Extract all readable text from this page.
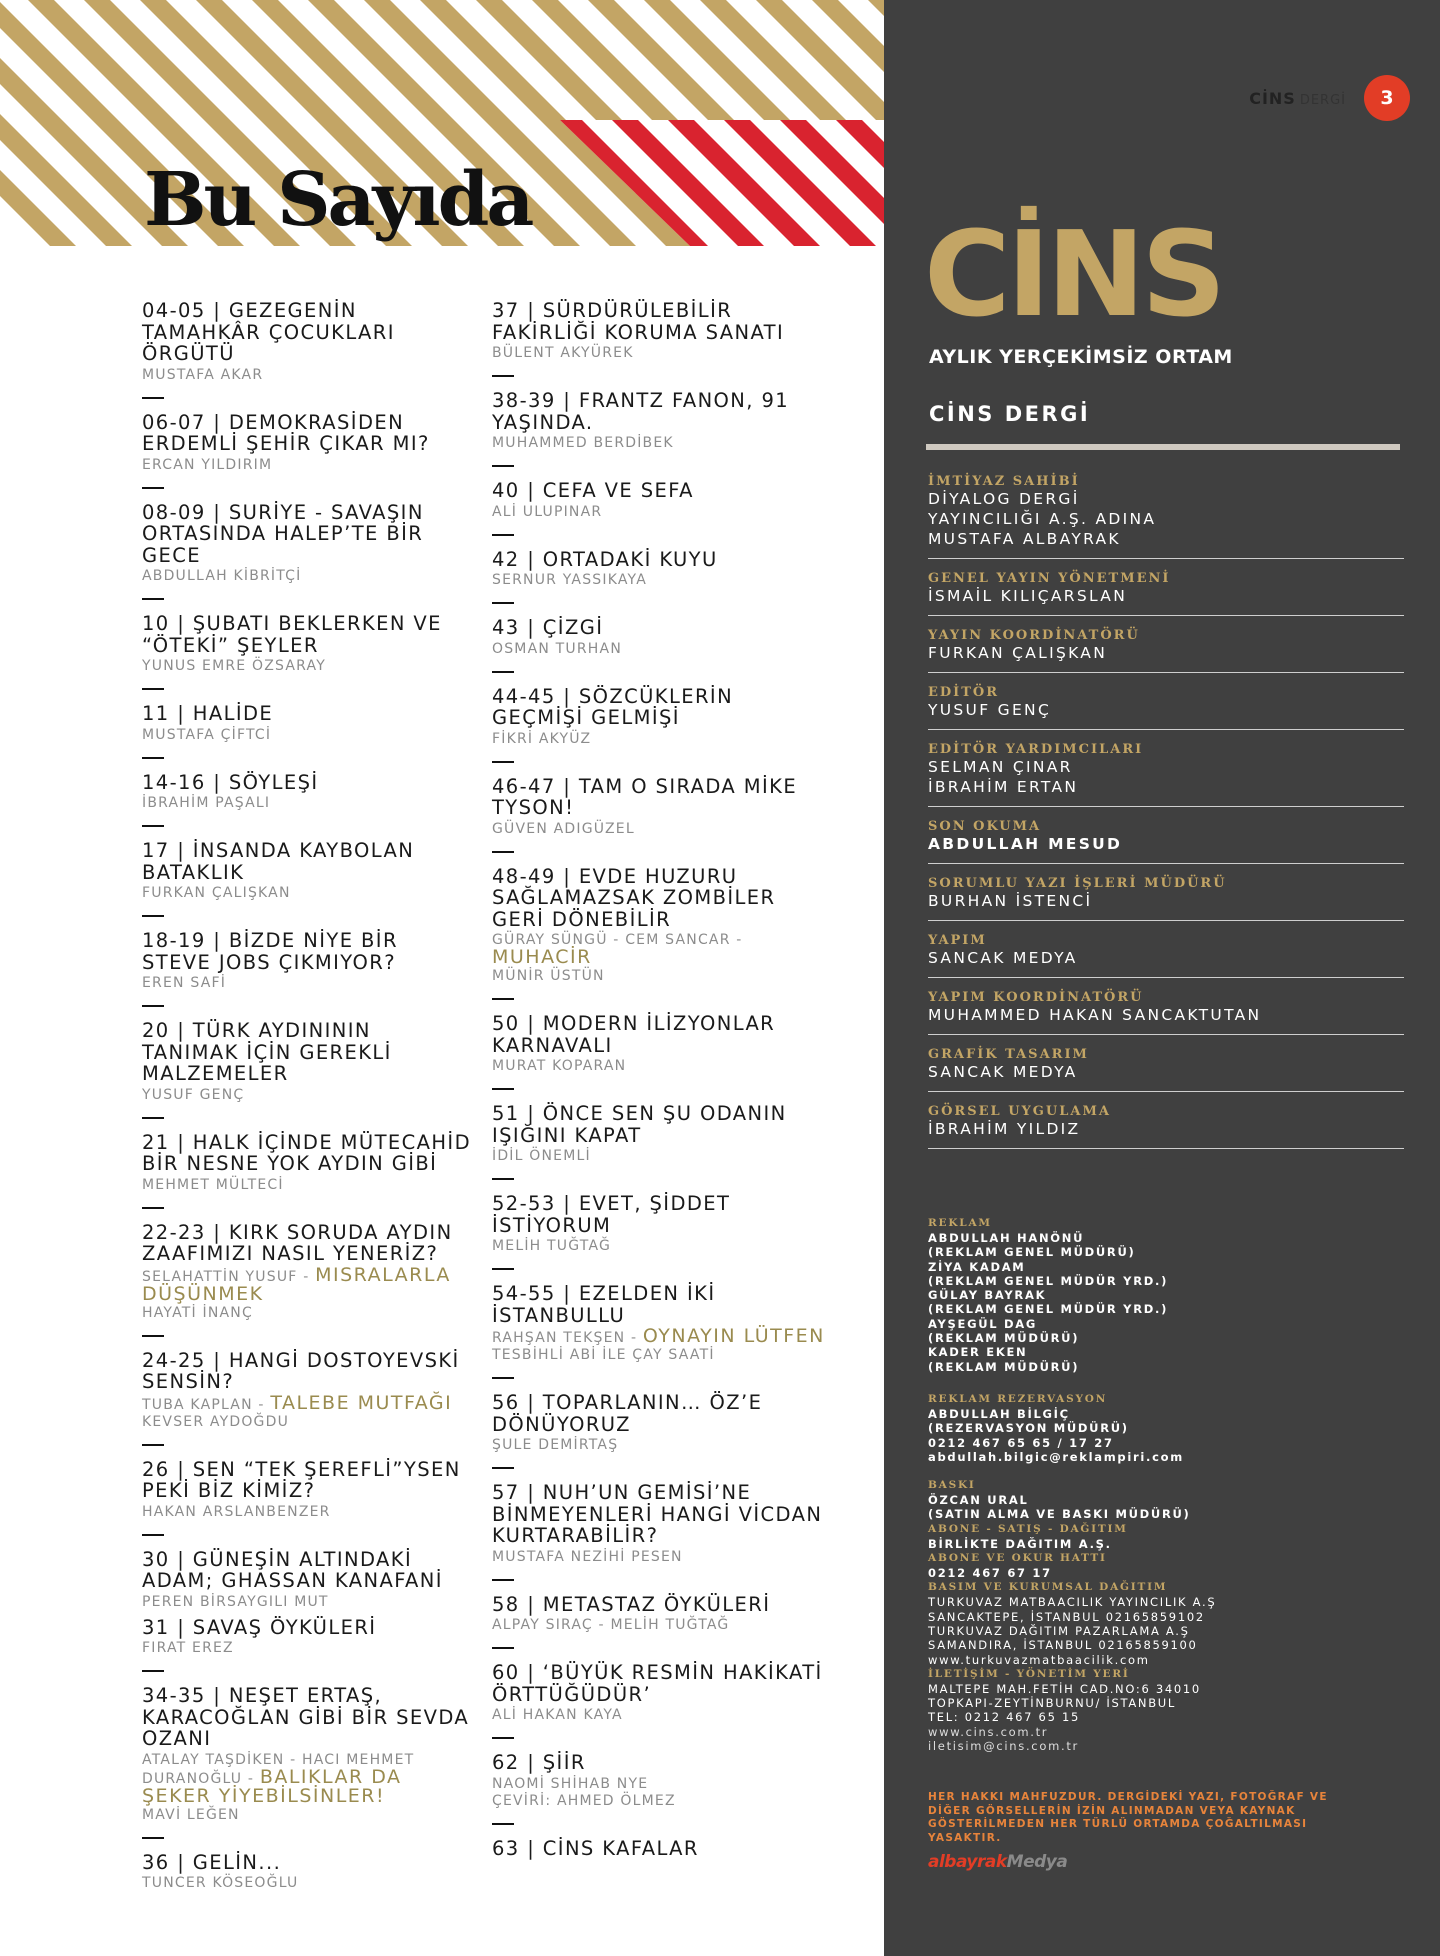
Bu Sayıda
04-05 | GEZEGENİN TAMAHKÂR ÇOCUKLARI ÖRGÜTÜ
MUSTAFA AKAR
06-07 | DEMOKRASİDEN ERDEMLİ ŞEHİR ÇIKAR MI?
ERCAN YILDIRIM
08-09 | SURİYE - SAVAŞIN ORTASINDA HALEP’TE BİR GECE
ABDULLAH KİBRİTÇİ
10 | ŞUBATI BEKLERKEN VE “ÖTEKİ” ŞEYLER
YUNUS EMRE ÖZSARAY
11 | HALİDE
MUSTAFA ÇİFTCİ
14-16 | SÖYLEŞİ
İBRAHİM PAŞALI
17 | İNSANDA KAYBOLAN BATAKLIK
FURKAN ÇALIŞKAN
18-19 | BİZDE NİYE BİR STEVE JOBS ÇIKMIYOR?
EREN SAFİ
20 | TÜRK AYDINININ TANIMAK İÇİN GEREKLİ MALZEMELER
YUSUF GENÇ
21 | HALK İÇİNDE MÜTECAHİD BİR NESNE YOK AYDIN GİBİ
MEHMET MÜLTECİ
22-23 | KIRK SORUDA AYDIN ZAAFIMIZI NASIL YENERİZ?
SELAHATTİN YUSUF - MISRALARLA DÜŞÜNMEK
HAYATİ İNANÇ
24-25 | HANGİ DOSTOYEVSKİ SENSİN?
TUBA KAPLAN - TALEBE MUTFAĞI
KEVSER AYDOĞDU
26 | SEN “TEK ŞEREFLİ”YSEN PEKİ BİZ KİMİZ?
HAKAN ARSLANBENZER
30 | GÜNEŞİN ALTINDAKİ ADAM; GHASSAN KANAFANİ
PEREN BİRSAYGILI MUT
31 | SAVAŞ ÖYKÜLERİ
FIRAT EREZ
34-35 | NEŞET ERTAŞ, KARACOĞLAN GİBİ BİR SEVDA OZANI
ATALAY TAŞDİKEN - HACI MEHMET DURANOĞLU - BALIKLAR DA ŞEKER YİYEBİLSİNLER!
MAVİ LEĞEN
36 | GELİN...
TUNCER KÖSEOĞLU
37 | SÜRDÜRÜLEBİLİR FAKİRLİĞİ KORUMA SANATI
BÜLENT AKYÜREK
38-39 | FRANTZ FANON, 91 YAŞINDA.
MUHAMMED BERDİBEK
40 | CEFA VE SEFA
ALİ ULUPINAR
42 | ORTADAKİ KUYU
SERNUR YASSIKAYA
43 | ÇİZGİ
OSMAN TURHAN
44-45 | SÖZCÜKLERİN GEÇMİŞİ GELMİŞİ
FİKRİ AKYÜZ
46-47 | TAM O SIRADA MİKE TYSON!
GÜVEN ADIGÜZEL
48-49 | EVDE HUZURU SAĞLAMAZSAK ZOMBİLER GERİ DÖNEBİLİR
GÜRAY SÜNGÜ - CEM SANCAR - MUHACİR
MÜNİR ÜSTÜN
50 | MODERN İLİZYONLAR KARNAVALI
MURAT KOPARAN
51 | ÖNCE SEN ŞU ODANIN IŞIĞINI KAPAT
İDİL ÖNEMLİ
52-53 | EVET, ŞİDDET İSTİYORUM
MELİH TUĞTAĞ
54-55 | EZELDEN İKİ İSTANBULLU
RAHŞAN TEKŞEN - OYNAYIN LÜTFEN
TESBİHLİ ABİ İLE ÇAY SAATİ
56 | TOPARLANIN… ÖZ’E DÖNÜYORUZ
ŞULE DEMİRTAŞ
57 | NUH’UN GEMİSİ’NE BİNMEYENLERİ HANGİ VİCDAN KURTARABİLİR?
MUSTAFA NEZİHİ PESEN
58 | METASTAZ ÖYKÜLERİ
ALPAY SIRAÇ - MELİH TUĞTAĞ
60 | ‘BÜYÜK RESMİN HAKİKATİ ÖRTTÜĞÜDÜR’
ALİ HAKAN KAYA
62 | ŞİİR
NAOMİ SHİHAB NYE
ÇEVİRİ: AHMED ÖLMEZ
63 | CİNS KAFALAR
CİNS DERGİ	3
CİNS
AYLIK YERÇEKİMSİZ ORTAM
CİNS DERGİ
İMTİYAZ SAHİBİ
DİYALOG DERGİ
YAYINCILIĞI A.Ş. ADINA
MUSTAFA ALBAYRAK
GENEL YAYIN YÖNETMENİ
İSMAİL KILIÇARSLAN
YAYIN KOORDİNATÖRÜ
FURKAN ÇALIŞKAN
EDİTÖR
YUSUF GENÇ
EDİTÖR YARDIMCILARI
SELMAN ÇINAR
İBRAHİM ERTAN
SON OKUMA
ABDULLAH MESUD
SORUMLU YAZI İŞLERİ MÜDÜRÜ
BURHAN İSTENCİ
YAPIM
SANCAK MEDYA
YAPIM KOORDİNATÖRÜ
MUHAMMED HAKAN SANCAKTUTAN
GRAFİK TASARIM
SANCAK MEDYA
GÖRSEL UYGULAMA
İBRAHİM YILDIZ
REKLAM
ABDULLAH HANÖNÜ
(REKLAM GENEL MÜDÜRÜ)
ZİYA KADAM
(REKLAM GENEL MÜDÜR YRD.)
GÜLAY BAYRAK
(REKLAM GENEL MÜDÜR YRD.)
AYŞEGÜL DAG
(REKLAM MÜDÜRÜ)
KADER EKEN
(REKLAM MÜDÜRÜ)
REKLAM REZERVASYON
ABDULLAH BİLGİÇ
(REZERVASYON MÜDÜRÜ)
0212 467 65 65 / 17 27
abdullah.bilgic@reklampiri.com
BASKI
ÖZCAN URAL
(SATIN ALMA VE BASKI MÜDÜRÜ)
ABONE - SATIŞ - DAĞITIM
BİRLİKTE DAĞITIM A.Ş.
ABONE VE OKUR HATTI
0212 467 67 17
BASIM VE KURUMSAL DAĞITIM
TURKUVAZ MATBAACILIK YAYINCILIK A.Ş
SANCAKTEPE, İSTANBUL 02165859102
TURKUVAZ DAĞITIM PAZARLAMA A.Ş
SAMANDIRA, İSTANBUL 02165859100
www.turkuvazmatbaacilik.com
İLETİŞİM - YÖNETİM YERİ
MALTEPE MAH.FETİH CAD.NO:6 34010
TOPKAPI-ZEYTİNBURNU/ İSTANBUL
TEL: 0212 467 65 15
www.cins.com.tr
iletisim@cins.com.tr
HER HAKKI MAHFUZDUR. DERGİDEKİ YAZI, FOTOĞRAF VE DİĞER GÖRSELLERİN İZİN ALINMADAN VEYA KAYNAK GÖSTERİLMEDEN HER TÜRLÜ ORTAMDA ÇOĞALTILMASI YASAKTIR.
albayrakMedya
